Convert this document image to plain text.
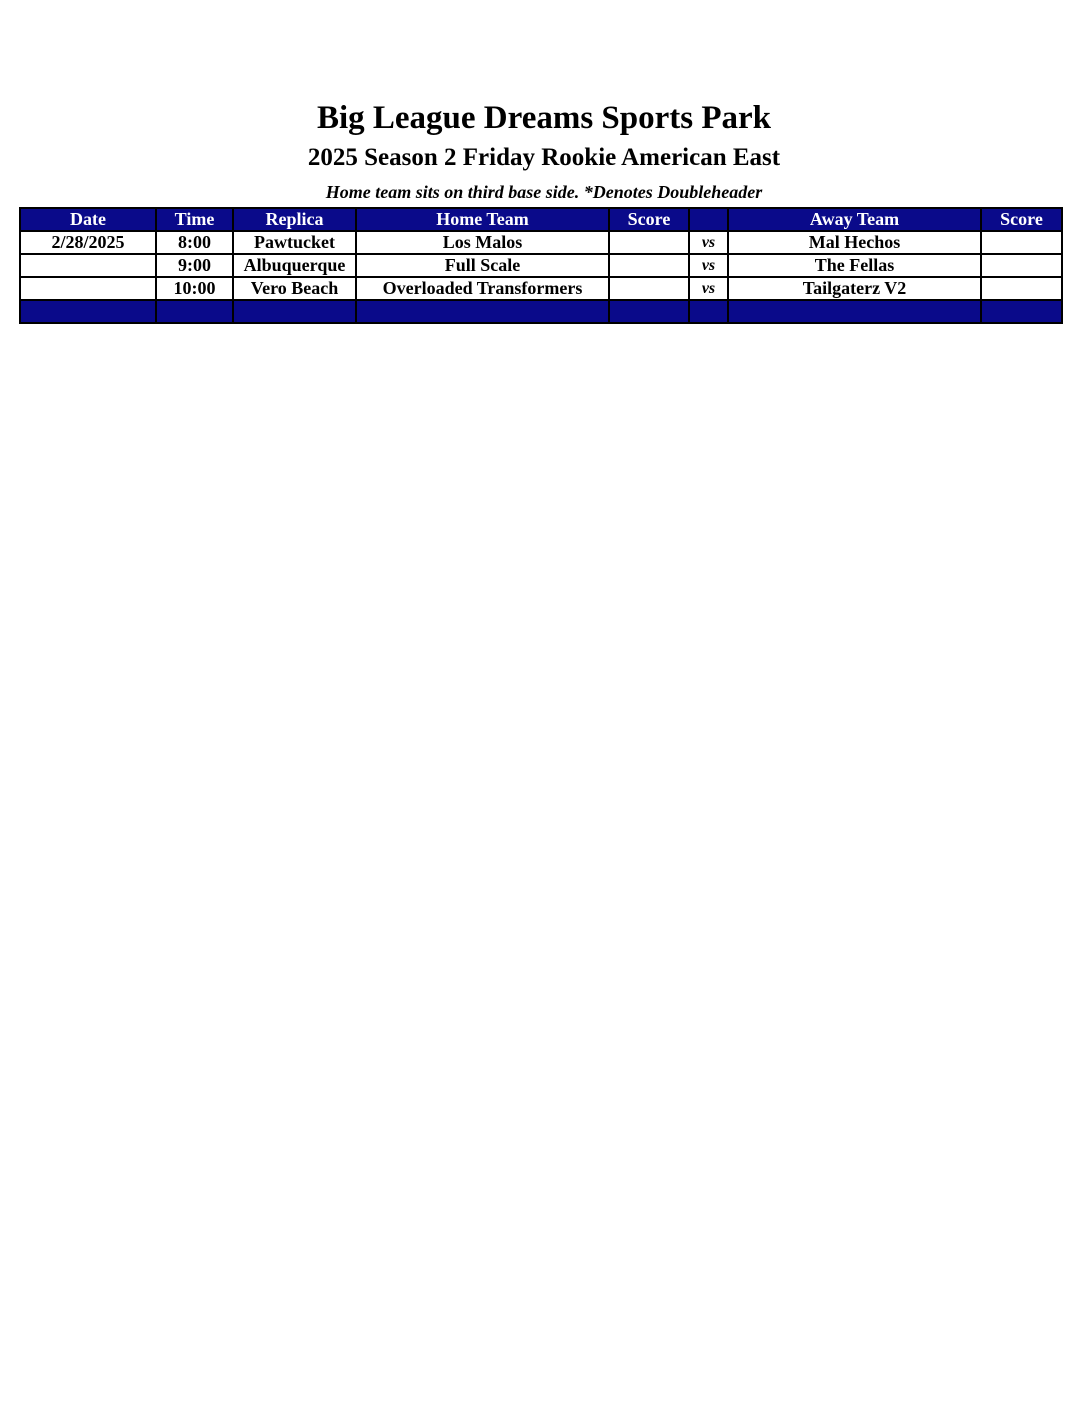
Big League Dreams Sports Park
2025 Season 2 Friday Rookie American East

Home team sits on third base side. *Denotes Doubleheader

Date	Time	Replica	Home Team	Score		Away Team	Score
2/28/2025	8:00	Pawtucket	Los Malos		vs	Mal Hechos	
	9:00	Albuquerque	Full Scale		vs	The Fellas	
	10:00	Vero Beach	Overloaded Transformers		vs	Tailgaterz V2	
